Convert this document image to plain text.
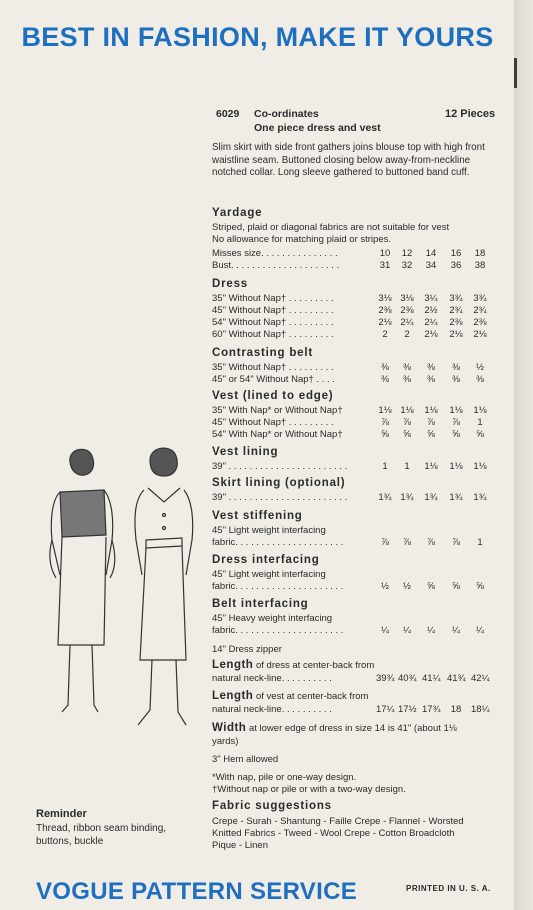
BEST IN FASHION, MAKE IT YOURS
6029 Co-ordinates	12 Pieces
One piece dress and vest
Slim skirt with side front gathers joins blouse top with high front waistline seam. Buttoned closing below away-from-neckline notched collar. Long sleeve gathered to buttoned band cuff.
Yardage
Striped, plaid or diagonal fabrics are not suitable for vest
No allowance for matching plaid or stripes.
Misses size. . . . . . . . . . . . . . .	10	12	14	16	18
Bust. . . . . . . . . . . . . . . . . . . . .	31	32	34	36	38
Dress
35" Without Nap† . . . . . . . . .	3⅛ 3⅛ 3¼ 3¾ 3¾
45" Without Nap† . . . . . . . . .	2⅜ 2⅜ 2½ 2¾ 2¾
54" Without Nap† . . . . . . . . .	2⅛ 2¼ 2¼ 2⅜ 2⅜
60" Without Nap† . . . . . . . . .	2	2	2⅛ 2⅛ 2⅛
Contrasting belt
35" Without Nap† . . . . . . . . .	⅜	⅜	⅜	⅜	½
45" or 54" Without Nap† . . . .	⅜	⅜	⅜	⅜	⅜
Vest (lined to edge)
35" With Nap* or Without Nap†	1⅛ 1⅛ 1⅛ 1⅛ 1⅛
45" Without Nap† . . . . . . . . .	⅞	⅞	⅞	⅞	1
54" With Nap* or Without Nap†	⅝	⅝	⅝	⅝	⅝
Vest lining
39" . . . . . . . . . . . . . . . . . . . . . . .	1	1	1⅛ 1⅛ 1⅛
Skirt lining (optional)
39" . . . . . . . . . . . . . . . . . . . . . . .	1¾ 1¾ 1¾ 1¾ 1¾
Vest stiffening
45" Light weight interfacing
fabric. . . . . . . . . . . . . . . . . . . . .	⅞	⅞	⅞	⅞	1
Dress interfacing
45" Light weight interfacing
fabric. . . . . . . . . . . . . . . . . . . . .	½	½	⅝	⅝	⅝
Belt interfacing
45" Heavy weight interfacing
fabric. . . . . . . . . . . . . . . . . . . . .	¼	¼	¼	¼	¼
14" Dress zipper
Length of dress at center-back from
natural neck-line. . . . . . . . . .	39¾ 40¾ 41¼ 41¾ 42¼
Length of vest at center-back from
natural neck-line. . . . . . . . . .	17¼ 17½ 17¾	18	18¼
Width at lower edge of dress in size 14 is 41" (about 1⅛
yards)
3" Hem allowed
*With nap, pile or one-way design.
†Without nap or pile or with a two-way design.
Fabric suggestions
Crepe - Surah - Shantung - Faille Crepe - Flannel - Worsted
Knitted Fabrics - Tweed - Wool Crepe - Cotton Broadcloth
Pique - Linen
Reminder
Thread, ribbon seam binding,
buttons, buckle
VOGUE PATTERN SERVICE	PRINTED IN U. S. A.
